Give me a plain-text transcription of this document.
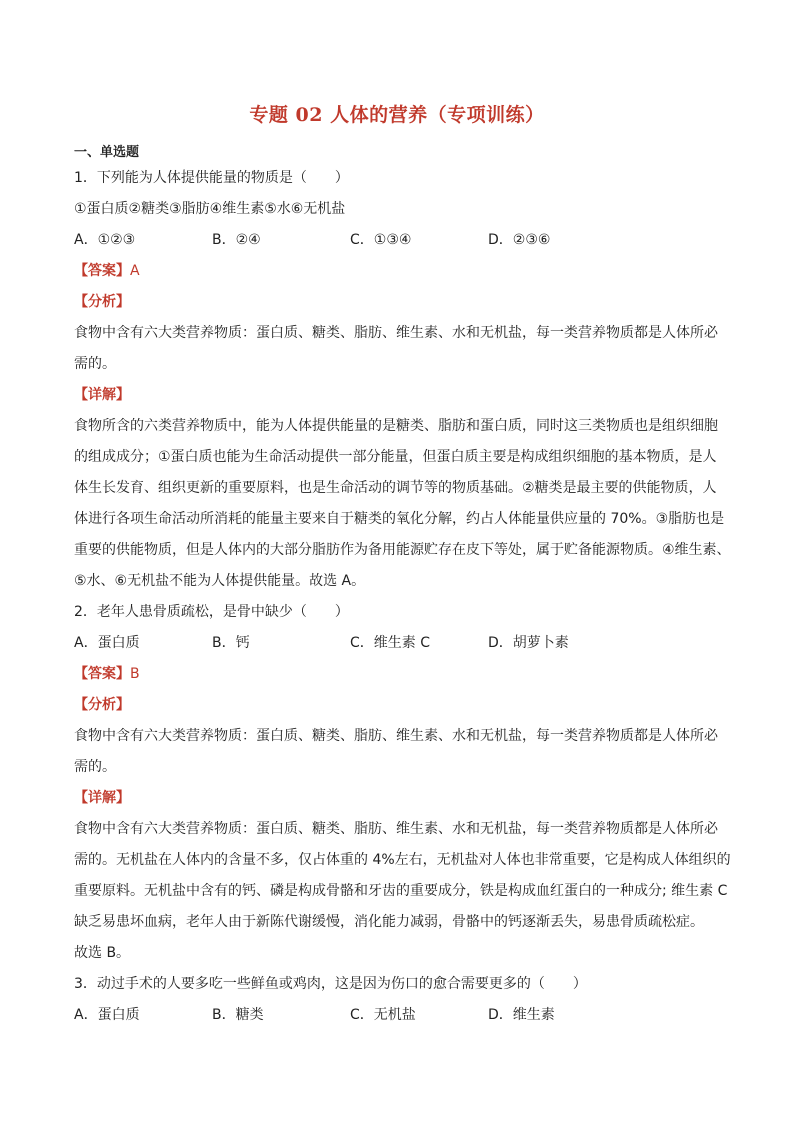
专题 02 人体的营养（专项训练）
一、单选题
1．下列能为人体提供能量的物质是（　　）
①蛋白质②糖类③脂肪④维生素⑤水⑥无机盐
A．①②③	B．②④	C．①③④	D．②③⑥
【答案】A
【分析】
食物中含有六大类营养物质：蛋白质、糖类、脂肪、维生素、水和无机盐，每一类营养物质都是人体所必
需的。
【详解】
食物所含的六类营养物质中，能为人体提供能量的是糖类、脂肪和蛋白质，同时这三类物质也是组织细胞
的组成成分；①蛋白质也能为生命活动提供一部分能量，但蛋白质主要是构成组织细胞的基本物质，是人
体生长发育、组织更新的重要原料，也是生命活动的调节等的物质基础。②糖类是最主要的供能物质，人
体进行各项生命活动所消耗的能量主要来自于糖类的氧化分解，约占人体能量供应量的 70%。③脂肪也是
重要的供能物质，但是人体内的大部分脂肪作为备用能源贮存在皮下等处，属于贮备能源物质。④维生素、
⑤水、⑥无机盐不能为人体提供能量。故选 A。
2．老年人患骨质疏松，是骨中缺少（　　）
A．蛋白质	B．钙	C．维生素 C	D．胡萝卜素
【答案】B
【分析】
食物中含有六大类营养物质：蛋白质、糖类、脂肪、维生素、水和无机盐，每一类营养物质都是人体所必
需的。
【详解】
食物中含有六大类营养物质：蛋白质、糖类、脂肪、维生素、水和无机盐，每一类营养物质都是人体所必
需的。无机盐在人体内的含量不多，仅占体重的 4%左右，无机盐对人体也非常重要，它是构成人体组织的
重要原料。无机盐中含有的钙、磷是构成骨骼和牙齿的重要成分，铁是构成血红蛋白的一种成分; 维生素 C
缺乏易患坏血病，老年人由于新陈代谢缓慢，消化能力减弱，骨骼中的钙逐渐丢失，易患骨质疏松症。
故选 B。
3．动过手术的人要多吃一些鲜鱼或鸡肉，这是因为伤口的愈合需要更多的（　　）
A．蛋白质	B．糖类	C．无机盐	D．维生素
